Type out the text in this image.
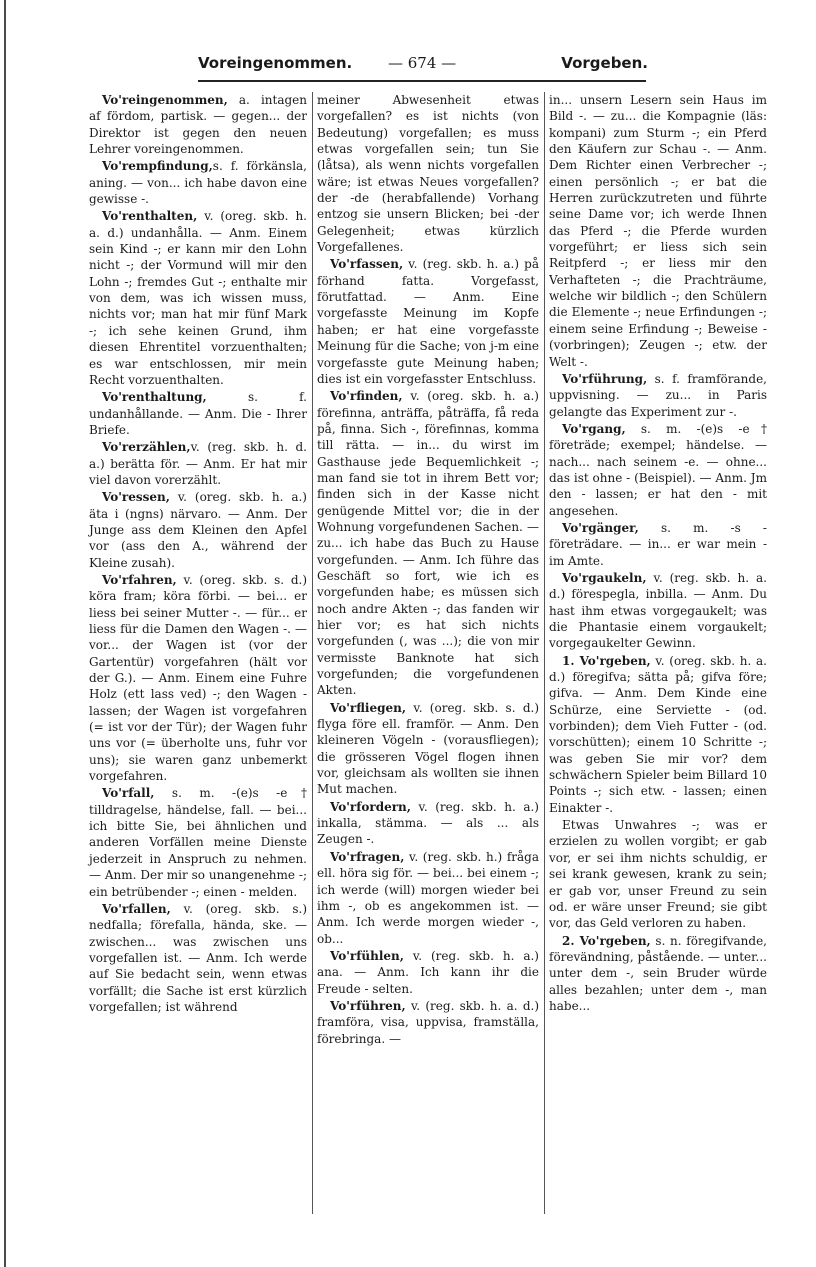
Voreingenommen. — 674 —	Vorgeben.

Vo'reingenommen, a. intagen af fördom, partisk. — gegen... der Direktor ist gegen den neuen Lehrer voreingenommen.

Vo'rempfindung,s. f. förkänsla, aning. — von... ich habe davon eine gewisse -.

Vo'renthalten, v. (oreg. skb. h. a. d.) undanhålla. — Anm. Einem sein Kind -; er kann mir den Lohn nicht -; der Vormund will mir den Lohn -; fremdes Gut -; enthalte mir von dem, was ich wissen muss, nichts vor; man hat mir fünf Mark -; ich sehe keinen Grund, ihm diesen Ehrentitel vorzuenthalten; es war entschlossen, mir mein Recht vorzuenthalten.

Vo'renthaltung, s. f. undanhållande. — Anm. Die - Ihrer Briefe.

Vo'rerzählen,v. (reg. skb. h. d. a.) berätta för. — Anm. Er hat mir viel davon vorerzählt.

Vo'ressen, v. (oreg. skb. h. a.) äta i (ngns) närvaro. — Anm. Der Junge ass dem Kleinen den Apfel vor (ass den A., während der Kleine zusah).

Vo'rfahren, v. (oreg. skb. s. d.) köra fram; köra förbi. — bei... er liess bei seiner Mutter -. — für... er liess für die Damen den Wagen -. — vor... der Wagen ist (vor der Gartentür) vorgefahren (hält vor der G.). — Anm. Einem eine Fuhre Holz (ett lass ved) -; den Wagen - lassen; der Wagen ist vorgefahren (= ist vor der Tür); der Wagen fuhr uns vor (= überholte uns, fuhr vor uns); sie waren ganz unbemerkt vorgefahren.

Vo'rfall, s. m. -(e)s -e† tilldragelse, händelse, fall. — bei... ich bitte Sie, bei ähnlichen und anderen Vorfällen meine Dienste jederzeit in Anspruch zu nehmen. — Anm. Der mir so unangenehme -; ein betrübender -; einen - melden.

Vo'rfallen, v. (oreg. skb. s.) nedfalla; förefalla, hända, ske. — zwischen... was zwischen uns vorgefallen ist. — Anm. Ich werde auf Sie bedacht sein, wenn etwas vorfällt; die Sache ist erst kürzlich vorgefallen; ist während

meiner Abwesenheit etwas vorgefallen? es ist nichts (von Bedeutung) vorgefallen; es muss etwas vorgefallen sein; tun Sie (låtsa), als wenn nichts vorgefallen wäre; ist etwas Neues vorgefallen? der -de (herabfallende) Vorhang entzog sie unsern Blicken; bei -der Gelegenheit; etwas kürzlich Vorgefallenes.

Vo'rfassen, v. (reg. skb. h. a.) på förhand fatta. Vorgefasst, förutfattad. — Anm. Eine vorgefasste Meinung im Kopfe haben; er hat eine vorgefasste Meinung für die Sache; von j-m eine vorgefasste gute Meinung haben; dies ist ein vorgefasster Entschluss.

Vo'rfinden, v. (oreg. skb. h. a.) förefinna, anträffa, påträffa, få reda på, finna. Sich -, förefinnas, komma till rätta. — in... du wirst im Gasthause jede Bequemlichkeit -; man fand sie tot in ihrem Bett vor; finden sich in der Kasse nicht genügende Mittel vor; die in der Wohnung vorgefundenen Sachen. — zu... ich habe das Buch zu Hause vorgefunden. — Anm. Ich führe das Geschäft so fort, wie ich es vorgefunden habe; es müssen sich noch andre Akten -; das fanden wir hier vor; es hat sich nichts vorgefunden (, was ...); die von mir vermisste Banknote hat sich vorgefunden; die vorgefundenen Akten.

Vo'rfliegen, v. (oreg. skb. s. d.) flyga före ell. framför. — Anm. Den kleineren Vögeln - (vorausfliegen); die grösseren Vögel flogen ihnen vor, gleichsam als wollten sie ihnen Mut machen.

Vo'rfordern, v. (reg. skb. h. a.) inkalla, stämma. — als ... als Zeugen -.

Vo'rfragen, v. (reg. skb. h.) fråga ell. höra sig för. — bei... bei einem -; ich werde (will) morgen wieder bei ihm -, ob es angekommen ist. — Anm. Ich werde morgen wieder -, ob...

Vo'rfühlen, v. (reg. skb. h. a.) ana. — Anm. Ich kann ihr die Freude - selten.

Vo'rführen, v. (reg. skb. h. a. d.) framföra, visa, uppvisa, framställa, förebringa. —

in... unsern Lesern sein Haus im Bild -. — zu... die Kompagnie (läs: kompani) zum Sturm -; ein Pferd den Käufern zur Schau -. — Anm. Dem Richter einen Verbrecher -; einen persönlich -; er bat die Herren zurückzutreten und führte seine Dame vor; ich werde Ihnen das Pferd -; die Pferde wurden vorgeführt; er liess sich sein Reitpferd -; er liess mir den Verhafteten -; die Prachträume, welche wir bildlich -; den Schülern die Elemente -; neue Erfindungen -; einem seine Erfindung -; Beweise - (vorbringen); Zeugen -; etw. der Welt -.

Vo'rführung, s. f. framförande, uppvisning. — zu... in Paris gelangte das Experiment zur -.

Vo'rgang, s. m. -(e)s -e† företräde; exempel; händelse. — nach... nach seinem -e. — ohne... das ist ohne - (Beispiel). — Anm. Jm den - lassen; er hat den - mit angesehen.

Vo'rgänger, s. m. -s - företrädare. — in... er war mein - im Amte.

Vo'rgaukeln, v. (reg. skb. h. a. d.) förespegla, inbilla. — Anm. Du hast ihm etwas vorgegaukelt; was die Phantasie einem vorgaukelt; vorgegaukelter Gewinn.

1. Vo'rgeben, v. (oreg. skb. h. a. d.) föregifva; sätta på; gifva före; gifva. — Anm. Dem Kinde eine Schürze, eine Serviette - (od. vorbinden); dem Vieh Futter - (od. vorschütten); einem 10 Schritte -; was geben Sie mir vor? dem schwächern Spieler beim Billard 10 Points -; sich etw. - lassen; einen Einakter -.

Etwas Unwahres -; was er erzielen zu wollen vorgibt; er gab vor, er sei ihm nichts schuldig, er sei krank gewesen, krank zu sein; er gab vor, unser Freund zu sein od. er wäre unser Freund; sie gibt vor, das Geld verloren zu haben.

2. Vo'rgeben, s. n. föregifvande, förevändning, påstående. — unter... unter dem -, sein Bruder würde alles bezahlen; unter dem -, man habe...
